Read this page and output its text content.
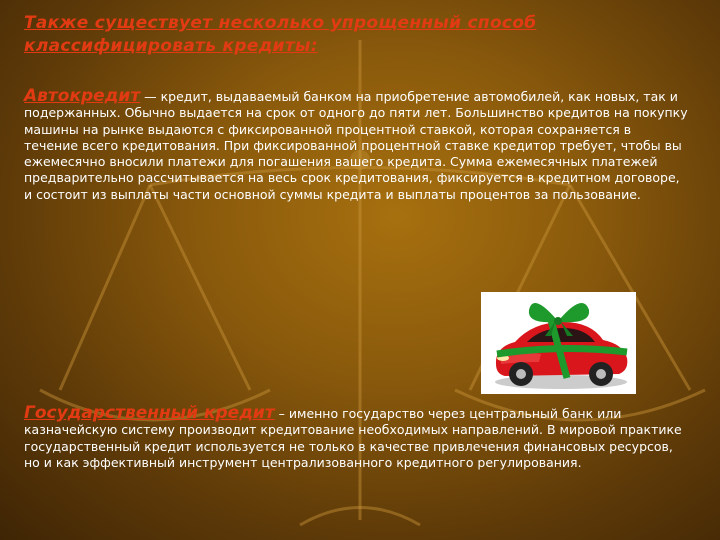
Также существует несколько упрощенный способ классифицировать кредиты:
Автокредит — кредит, выдаваемый банком на приобретение автомобилей, как новых, так и подержанных. Обычно выдается на срок от одного до пяти лет. Большинство кредитов на покупку машины на рынке выдаются с фиксированной процентной ставкой, которая сохраняется в течение всего кредитования. При фиксированной процентной ставке кредитор требует, чтобы вы ежемесячно вносили платежи для погашения вашего кредита. Сумма ежемесячных платежей предварительно рассчитывается на весь срок кредитования, фиксируется в кредитном договоре, и состоит из выплаты части основной суммы кредита и выплаты процентов за пользование.
Государственный кредит – именно государство через центральный банк или казначейскую систему производит кредитование необходимых направлений. В мировой практике государственный кредит используется не только в качестве привлечения финансовых ресурсов, но и как эффективный инструмент централизованного кредитного регулирования.
